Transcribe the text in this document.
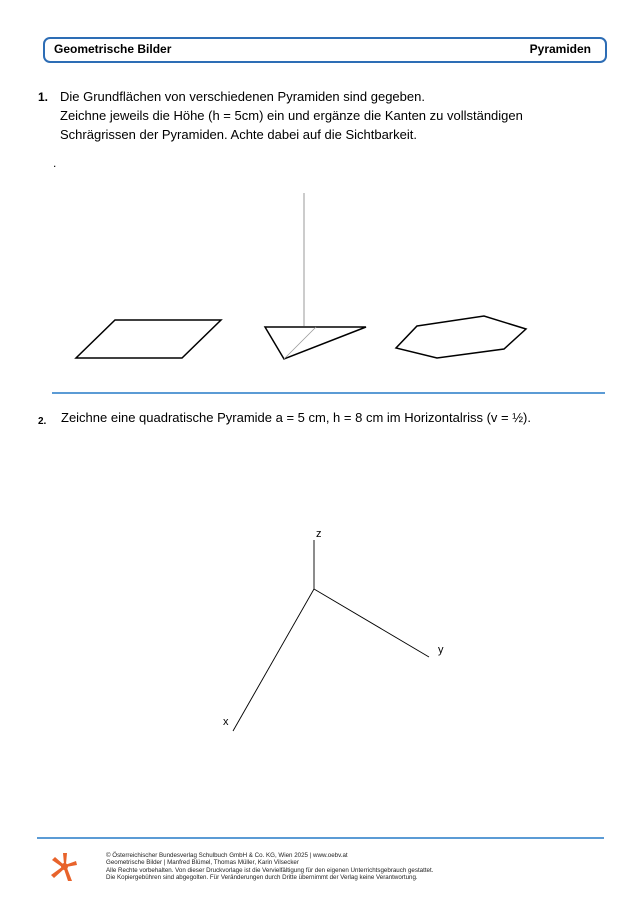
Geometrische Bilder	Pyramiden
1. Die Grundflächen von verschiedenen Pyramiden sind gegeben.
Zeichne jeweils die Höhe (h = 5cm) ein und ergänze die Kanten zu vollständigen
Schrägrissen der Pyramiden. Achte dabei auf die Sichtbarkeit.
.
2. Zeichne eine quadratische Pyramide a = 5 cm, h = 8 cm im Horizontalriss (v = ½).
z
y
x
© Österreichischer Bundesverlag Schulbuch GmbH & Co. KG, Wien 2025 | www.oebv.at
Geometrische Bilder | Manfred Blümel, Thomas Müller, Karin Vilsecker
Alle Rechte vorbehalten. Von dieser Druckvorlage ist die Vervielfältigung für den eigenen Unterrichtsgebrauch gestattet.
Die Kopiergebühren sind abgegolten. Für Veränderungen durch Dritte übernimmt der Verlag keine Verantwortung.
